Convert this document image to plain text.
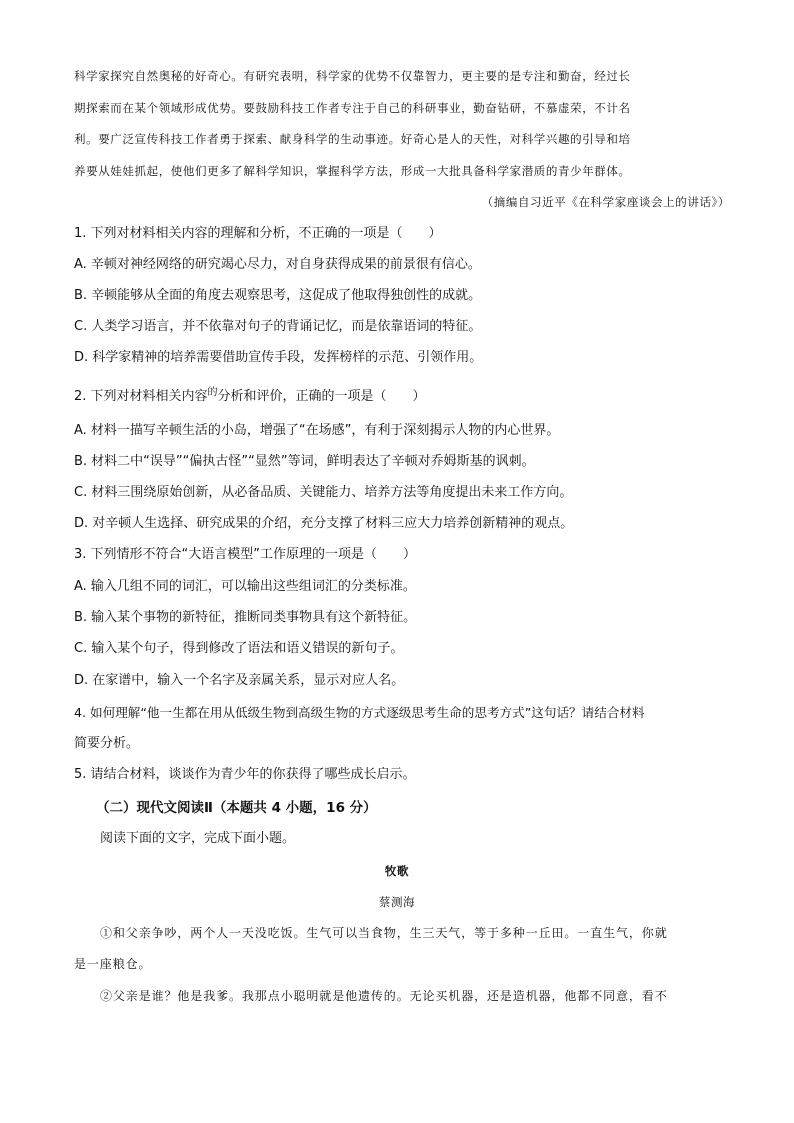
科学家探究自然奥秘的好奇心。有研究表明，科学家的优势不仅靠智力，更主要的是专注和勤奋，经过长
期探索而在某个领域形成优势。要鼓励科技工作者专注于自己的科研事业，勤奋钻研，不慕虚荣，不计名
利。要广泛宣传科技工作者勇于探索、献身科学的生动事迹。好奇心是人的天性，对科学兴趣的引导和培
养要从娃娃抓起，使他们更多了解科学知识，掌握科学方法，形成一大批具备科学家潜质的青少年群体。
（摘编自习近平《在科学家座谈会上的讲话》）
1. 下列对材料相关内容的理解和分析，不正确的一项是（　　）
A. 辛顿对神经网络的研究竭心尽力，对自身获得成果的前景很有信心。
B. 辛顿能够从全面的角度去观察思考，这促成了他取得独创性的成就。
C. 人类学习语言，并不依靠对句子的背诵记忆，而是依靠语词的特征。
D. 科学家精神的培养需要借助宣传手段，发挥榜样的示范、引领作用。
2. 下列对材料相关内容$^的$分析和评价，正确的一项是（　　）
A. 材料一描写辛顿生活的小岛，增强了“在场感”，有利于深刻揭示人物的内心世界。
B. 材料二中“误导”“偏执古怪”“显然”等词，鲜明表达了辛顿对乔姆斯基的讽刺。
C. 材料三围绕原始创新，从必备品质、关键能力、培养方法等角度提出未来工作方向。
D. 对辛顿人生选择、研究成果的介绍，充分支撑了材料三应大力培养创新精神的观点。
3. 下列情形不符合“大语言模型”工作原理的一项是（　　）
A. 输入几组不同的词汇，可以输出这些组词汇的分类标准。
B. 输入某个事物的新特征，推断同类事物具有这个新特征。
C. 输入某个句子，得到修改了语法和语义错误的新句子。
D. 在家谱中，输入一个名字及亲属关系，显示对应人名。
4. 如何理解“他一生都在用从低级生物到高级生物的方式逐级思考生命的思考方式”这句话？请结合材料
简要分析。
5. 请结合材料，谈谈作为青少年的你获得了哪些成长启示。
（二）现代文阅读Ⅱ（本题共 4 小题，16 分）
阅读下面的文字，完成下面小题。
牧歌
蔡测海
①和父亲争吵，两个人一天没吃饭。生气可以当食物，生三天气，等于多种一丘田。一直生气，你就
是一座粮仓。
②父亲是谁？他是我爹。我那点小聪明就是他遗传的。无论买机器，还是造机器，他都不同意，看不
